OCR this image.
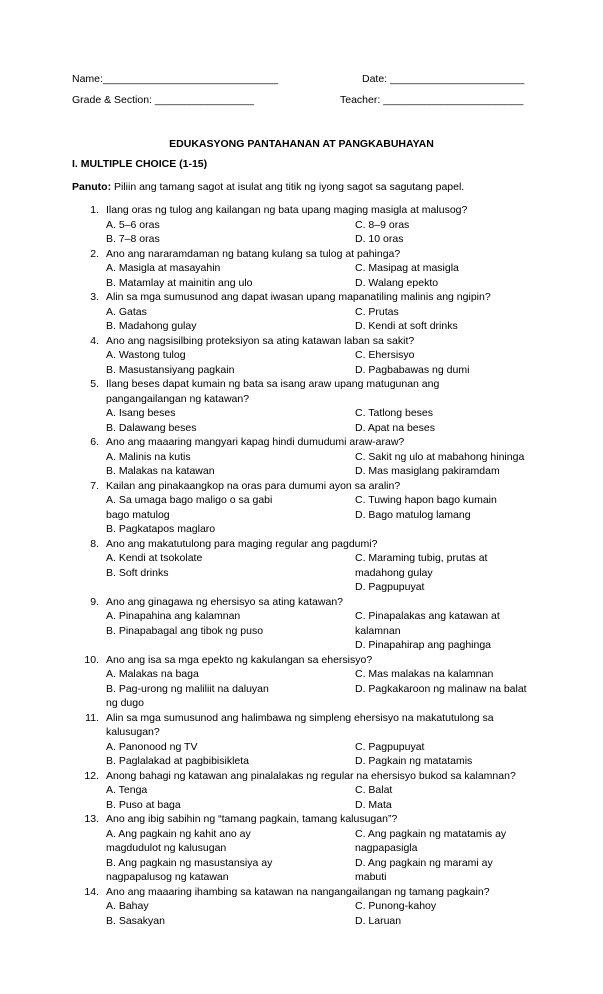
Name:______________________________	Date: _______________________
Grade & Section: _________________	Teacher: ________________________
EDUKASYONG PANTAHANAN AT PANGKABUHAYAN
I. MULTIPLE CHOICE (1-15)
Panuto: Piliin ang tamang sagot at isulat ang titik ng iyong sagot sa sagutang papel.
1. Ilang oras ng tulog ang kailangan ng bata upang maging masigla at malusog?
A. 5–6 oras
B. 7–8 oras
C. 8–9 oras
D. 10 oras
2. Ano ang nararamdaman ng batang kulang sa tulog at pahinga?
A. Masigla at masayahin
B. Matamlay at mainitin ang ulo
C. Masipag at masigla
D. Walang epekto
3. Alin sa mga sumusunod ang dapat iwasan upang mapanatiling malinis ang ngipin?
A. Gatas
B. Madahong gulay
C. Prutas
D. Kendi at soft drinks
4. Ano ang nagsisilbing proteksiyon sa ating katawan laban sa sakit?
A. Wastong tulog
B. Masustansiyang pagkain
C. Ehersisyo
D. Pagbabawas ng dumi
5. Ilang beses dapat kumain ng bata sa isang araw upang matugunan ang
pangangailangan ng katawan?
A. Isang beses
B. Dalawang beses
C. Tatlong beses
D. Apat na beses
6. Ano ang maaaring mangyari kapag hindi dumudumi araw-araw?
A. Malinis na kutis
B. Malakas na katawan
C. Sakit ng ulo at mabahong hininga
D. Mas masiglang pakiramdam
7. Kailan ang pinakaangkop na oras para dumumi ayon sa aralin?
A. Sa umaga bago maligo o sa gabi
bago matulog
B. Pagkatapos maglaro
C. Tuwing hapon bago kumain
D. Bago matulog lamang
8. Ano ang makatutulong para maging regular ang pagdumi?
A. Kendi at tsokolate
B. Soft drinks
C. Maraming tubig, prutas at
madahong gulay
D. Pagpupuyat
9. Ano ang ginagawa ng ehersisyo sa ating katawan?
A. Pinapahina ang kalamnan
B. Pinapabagal ang tibok ng puso
C. Pinapalakas ang katawan at
kalamnan
D. Pinapahirap ang paghinga
10. Ano ang isa sa mga epekto ng kakulangan sa ehersisyo?
A. Malakas na baga
B. Pag-urong ng maliliit na daluyan
ng dugo
C. Mas malakas na kalamnan
D. Pagkakaroon ng malinaw na balat
11. Alin sa mga sumusunod ang halimbawa ng simpleng ehersisyo na makatutulong sa
kalusugan?
A. Panonood ng TV
B. Paglalakad at pagbibisikleta
C. Pagpupuyat
D. Pagkain ng matatamis
12. Anong bahagi ng katawan ang pinalalakas ng regular na ehersisyo bukod sa kalamnan?
A. Tenga
B. Puso at baga
C. Balat
D. Mata
13. Ano ang ibig sabihin ng “tamang pagkain, tamang kalusugan”?
A. Ang pagkain ng kahit ano ay
magdudulot ng kalusugan
B. Ang pagkain ng masustansiya ay
nagpapalusog ng katawan
C. Ang pagkain ng matatamis ay
nagpapasigla
D. Ang pagkain ng marami ay
mabuti
14. Ano ang maaaring ihambing sa katawan na nangangailangan ng tamang pagkain?
A. Bahay
B. Sasakyan
C. Punong-kahoy
D. Laruan
